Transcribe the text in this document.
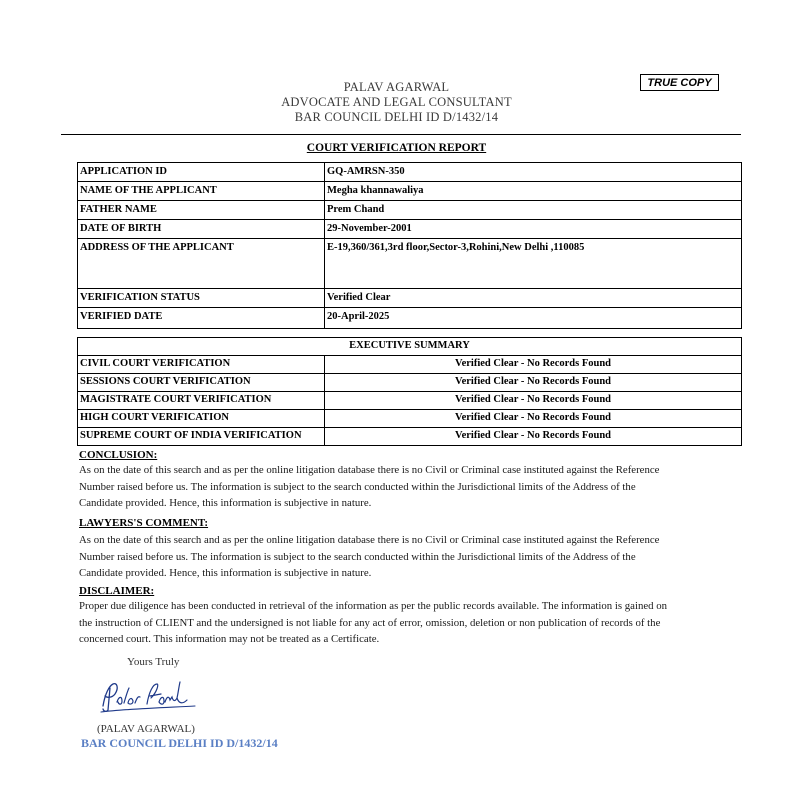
PALAV AGARWAL
ADVOCATE AND LEGAL CONSULTANT
BAR COUNCIL DELHI ID D/1432/14
TRUE COPY
COURT VERIFICATION REPORT
APPLICATION ID	GQ-AMRSN-350
NAME OF THE APPLICANT	Megha khannawaliya
FATHER NAME	Prem Chand
DATE OF BIRTH	29-November-2001
ADDRESS OF THE APPLICANT	E-19,360/361,3rd floor,Sector-3,Rohini,New Delhi ,110085
VERIFICATION STATUS	Verified Clear
VERIFIED DATE	20-April-2025
EXECUTIVE SUMMARY	
CIVIL COURT VERIFICATION	Verified Clear - No Records Found
SESSIONS COURT VERIFICATION	Verified Clear - No Records Found
MAGISTRATE COURT VERIFICATION	Verified Clear - No Records Found
HIGH COURT VERIFICATION	Verified Clear - No Records Found
SUPREME COURT OF INDIA VERIFICATION	Verified Clear - No Records Found
CONCLUSION:
As on the date of this search and as per the online litigation database there is no Civil or Criminal case instituted against the Reference
Number raised before us. The information is subject to the search conducted within the Jurisdictional limits of the Address of the
Candidate provided. Hence, this information is subjective in nature.
LAWYERS'S COMMENT:
As on the date of this search and as per the online litigation database there is no Civil or Criminal case instituted against the Reference
Number raised before us. The information is subject to the search conducted within the Jurisdictional limits of the Address of the
Candidate provided. Hence, this information is subjective in nature.
DISCLAIMER:
Proper due diligence has been conducted in retrieval of the information as per the public records available. The information is gained on
the instruction of CLIENT and the undersigned is not liable for any act of error, omission, deletion or non publication of records of the
concerned court. This information may not be treated as a Certificate.
Yours Truly
(PALAV AGARWAL)
BAR COUNCIL DELHI ID D/1432/14
